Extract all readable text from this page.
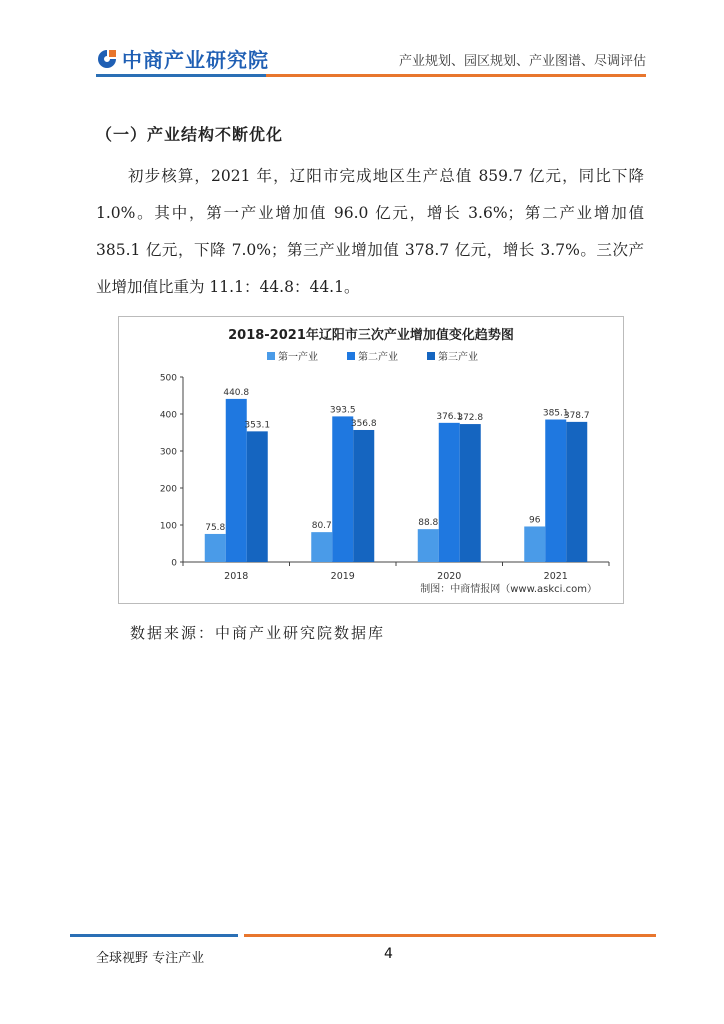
中商产业研究院	产业规划、园区规划、产业图谱、尽调评估
（一）产业结构不断优化
初步核算，2021 年，辽阳市完成地区生产总值 859.7 亿元，同比下降 1.0%。其中，第一产业增加值 96.0 亿元，增长 3.6%；第二产业增加值 385.1 亿元，下降 7.0%；第三产业增加值 378.7 亿元，增长 3.7%。三次产业增加值比重为 11.1：44.8：44.1。
2018-2021年辽阳市三次产业增加值变化趋势图
第一产业	第二产业	第三产业
0
100
200
300
400
500
2018
75.8
440.8
353.1
2019
80.7
393.5
356.8
2020
88.8
376.1
372.8
2021
96
385.1
378.7
制图：中商情报网（www.askci.com）
数据来源：中商产业研究院数据库
全球视野 专注产业	4
